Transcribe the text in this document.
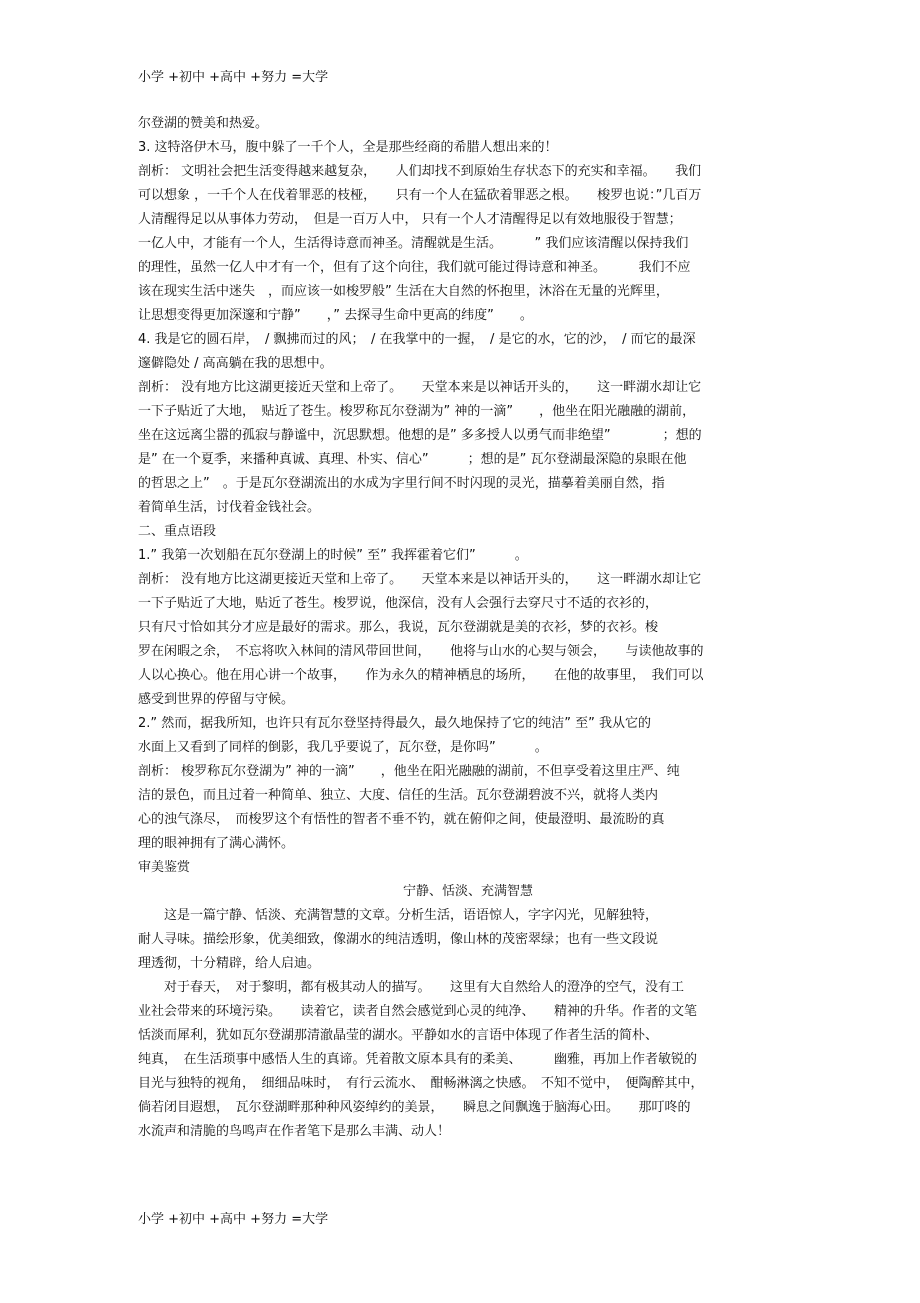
小学 +初中 +高中 +努力 =大学
尔登湖的赞美和热爱。
3. 这特洛伊木马，腹中躲了一千个人，全是那些经商的希腊人想出来的！
剖析： 文明社会把生活变得越来越复杂，　　人们却找不到原始生存状态下的充实和幸福。　　我们
可以想象 ，一千个人在伐着罪恶的枝桠，　　只有一个人在猛砍着罪恶之根。　　梭罗也说：”几百万
人清醒得足以从事体力劳动，　但是一百万人中， 只有一个人才清醒得足以有效地服役于智慧；
一亿人中，才能有一个人，生活得诗意而神圣。清醒就是生活。　　　” 我们应该清醒以保持我们
的理性，虽然一亿人中才有一个，但有了这个向往，我们就可能过得诗意和神圣。　　　我们不应
该在现实生活中迷失　，而应该一如梭罗般” 生活在大自然的怀抱里，沐浴在无量的光辉里，
让思想变得更加深邃和宁静”　　，” 去探寻生命中更高的纬度”　　。
4. 我是它的圆石岸，　/ 飘拂而过的风；　/ 在我掌中的一握，　/ 是它的水，它的沙，　/ 而它的最深
邃僻隐处 / 高高躺在我的思想中。
剖析： 没有地方比这湖更接近天堂和上帝了。　　天堂本来是以神话开头的，　　这一畔湖水却让它
一下子贴近了大地，　贴近了苍生。梭罗称瓦尔登湖为” 神的一滴”　　，他坐在阳光融融的湖前，
坐在这远离尘嚣的孤寂与静谧中，沉思默想。他想的是” 多多授人以勇气而非绝望”　　　　；想的
是” 在一个夏季，来播种真诚、真理、朴实、信心”　　　；想的是” 瓦尔登湖最深隐的泉眼在他
的哲思之上”　。于是瓦尔登湖流出的水成为字里行间不时闪现的灵光，描摹着美丽自然，指
着简单生活，讨伐着金钱社会。
二、重点语段
1.” 我第一次划船在瓦尔登湖上的时候” 至” 我挥霍着它们”　　　。
剖析： 没有地方比这湖更接近天堂和上帝了。　　天堂本来是以神话开头的，　　这一畔湖水却让它
一下子贴近了大地，贴近了苍生。梭罗说，他深信，没有人会强行去穿尺寸不适的衣衫的，
只有尺寸恰如其分才应是最好的需求。那么，我说，瓦尔登湖就是美的衣衫，梦的衣衫。梭
罗在闲暇之余，　不忘将吹入林间的清风带回世间，　　他将与山水的心契与领会，　　与读他故事的
人以心换心。他在用心讲一个故事，　　作为永久的精神栖息的场所，　　在他的故事里，　我们可以
感受到世界的停留与守候。
2.” 然而，据我所知，也许只有瓦尔登坚持得最久，最久地保持了它的纯洁” 至” 我从它的
水面上又看到了同样的倒影，我几乎要说了，瓦尔登，是你吗”　　　。
剖析： 梭罗称瓦尔登湖为” 神的一滴”　　，他坐在阳光融融的湖前，不但享受着这里庄严、纯
洁的景色，而且过着一种简单、独立、大度、信任的生活。瓦尔登湖碧波不兴，就将人类内
心的浊气涤尽，　而梭罗这个有悟性的智者不垂不钓，就在俯仰之间，使最澄明、最流盼的真
理的眼神拥有了满心满怀。
审美鉴赏
宁静、恬淡、充满智慧
　　这是一篇宁静、恬淡、充满智慧的文章。分析生活，语语惊人，字字闪光，见解独特，
耐人寻味。描绘形象，优美细致，像湖水的纯洁透明，像山林的茂密翠绿；也有一些文段说
理透彻，十分精辟，给人启迪。
　　对于春天，　对于黎明，都有极其动人的描写。　　这里有大自然给人的澄净的空气，没有工
业社会带来的环境污染。　　读着它，读者自然会感觉到心灵的纯净、　　精神的升华。作者的文笔
恬淡而犀利，犹如瓦尔登湖那清澈晶莹的湖水。平静如水的言语中体现了作者生活的简朴、
纯真，　在生活琐事中感悟人生的真谛。凭着散文原本具有的柔美、　　　幽雅，再加上作者敏锐的
目光与独特的视角，　细细品味时，　有行云流水、　酣畅淋漓之快感。　不知不觉中，　便陶醉其中，
倘若闭目遐想，　瓦尔登湖畔那种种风姿绰约的美景，　　瞬息之间飘逸于脑海心田。　　那叮咚的
水流声和清脆的鸟鸣声在作者笔下是那么丰满、动人！
小学 +初中 +高中 +努力 =大学
